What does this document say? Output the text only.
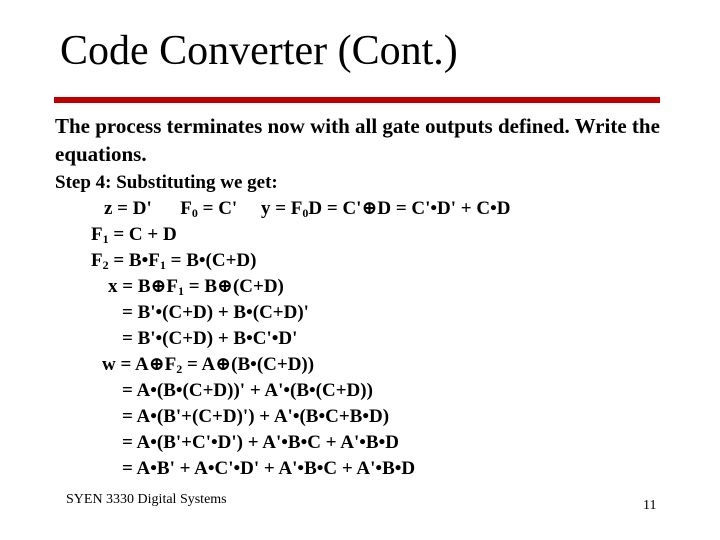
Code Converter (Cont.)
The process terminates now with all gate outputs defined. Write the equations.
Step 4: Substituting we get:
z = D'      $F_0 = C'$     $y = F_0D$ = C'⊕D = C'•D' + C•D
$F_1 = C + D$
$F_2$ = $B•F_1$ = B•(C+D)
$x = B\oplus F_1$ = B⊕(C+D)
= B'•(C+D) + B•(C+D)'
= B'•(C+D) + B•C'•D'
$w = A\oplus F_2$ = A⊕(B•(C+D))
= A•(B•(C+D))' + A'•(B•(C+D))
= A•(B'+(C+D)') + A'•(B•C+B•D)
= A•(B'+C'•D') + A'•B•C + A'•B•D
= A•B' + A•C'•D' + A'•B•C + A'•B•D
SYEN 3330 Digital Systems	11
